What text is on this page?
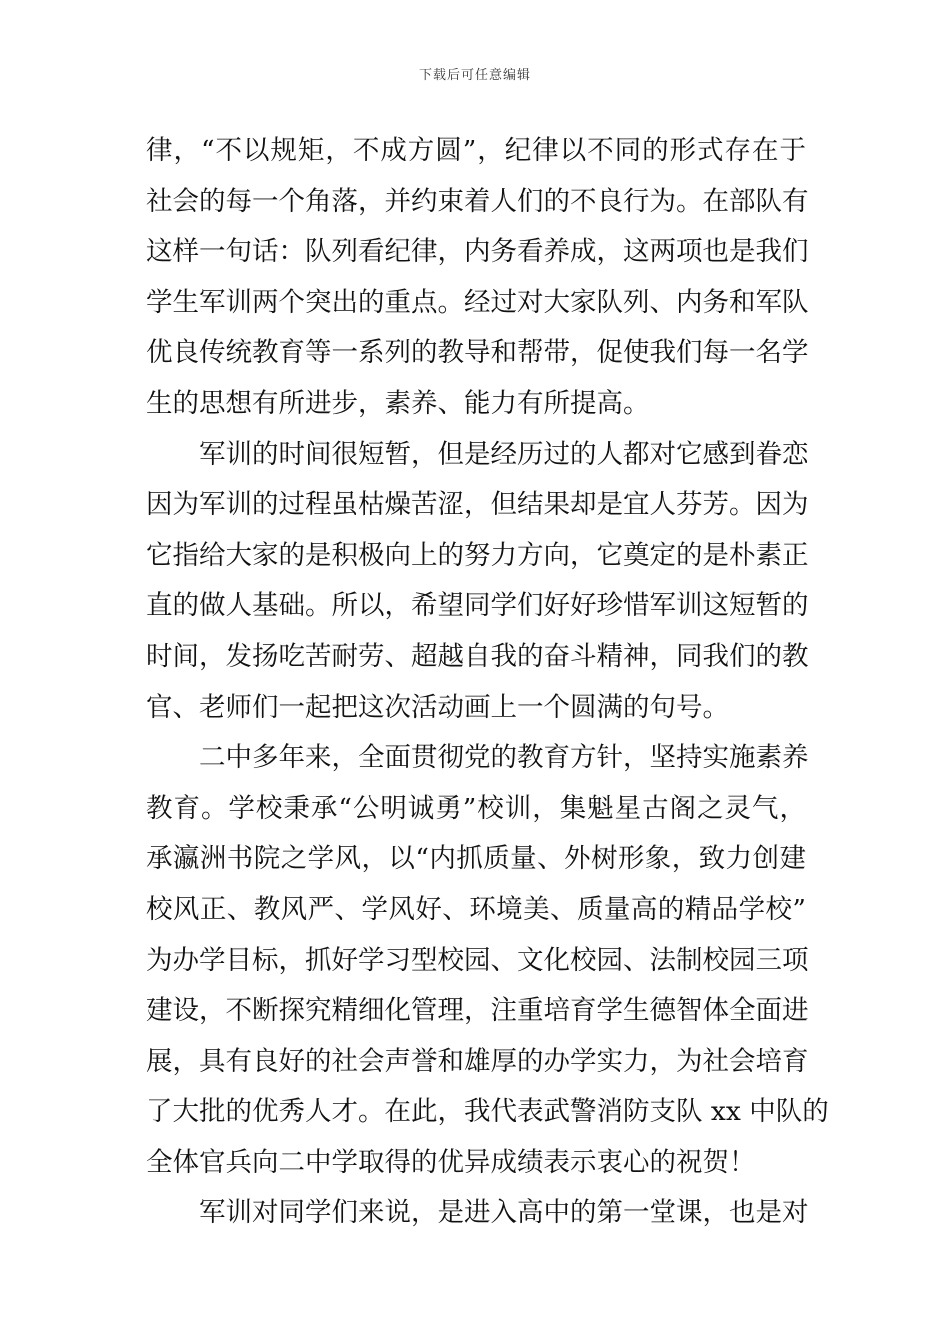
下载后可任意编辑
律，“不以规矩，不成方圆”，纪律以不同的形式存在于
社会的每一个角落，并约束着人们的不良行为。在部队有
这样一句话：队列看纪律，内务看养成，这两项也是我们
学生军训两个突出的重点。经过对大家队列、内务和军队
优良传统教育等一系列的教导和帮带，促使我们每一名学
生的思想有所进步，素养、能力有所提高。
军训的时间很短暂，但是经历过的人都对它感到眷恋
因为军训的过程虽枯燥苦涩，但结果却是宜人芬芳。因为
它指给大家的是积极向上的努力方向，它奠定的是朴素正
直的做人基础。所以，希望同学们好好珍惜军训这短暂的
时间，发扬吃苦耐劳、超越自我的奋斗精神，同我们的教
官、老师们一起把这次活动画上一个圆满的句号。
二中多年来，全面贯彻党的教育方针，坚持实施素养
教育。学校秉承“公明诚勇”校训，集魁星古阁之灵气，
承瀛洲书院之学风，以“内抓质量、外树形象，致力创建
校风正、教风严、学风好、环境美、质量高的精品学校”
为办学目标，抓好学习型校园、文化校园、法制校园三项
建设，不断探究精细化管理，注重培育学生德智体全面进
展，具有良好的社会声誉和雄厚的办学实力，为社会培育
了大批的优秀人才。在此，我代表武警消防支队 xx 中队的
全体官兵向二中学取得的优异成绩表示衷心的祝贺！
军训对同学们来说，是进入高中的第一堂课，也是对
